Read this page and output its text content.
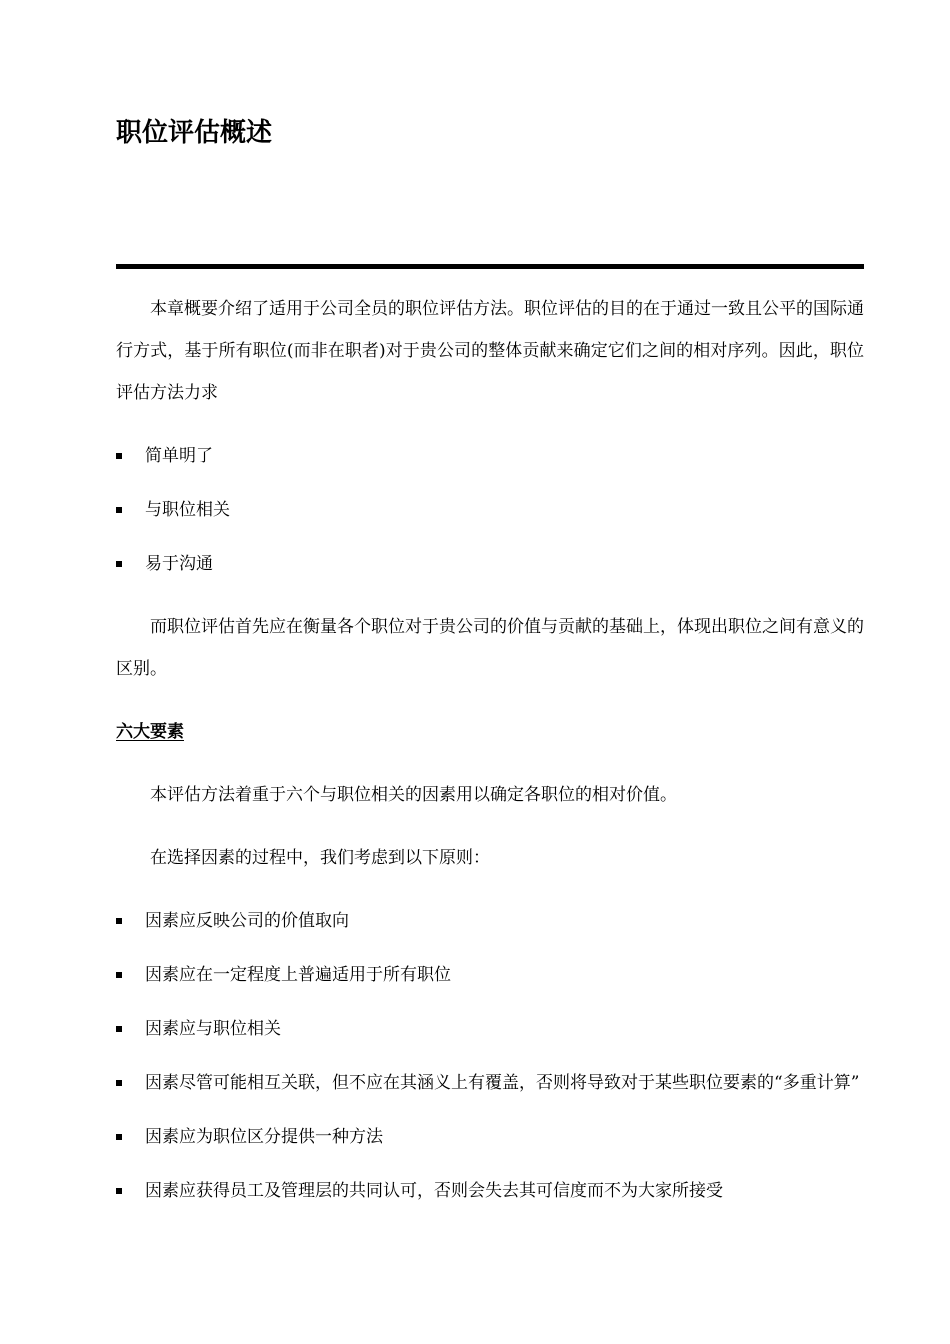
职位评估概述

本章概要介绍了适用于公司全员的职位评估方法。职位评估的目的在于通过一致且公平的国际通行方式，基于所有职位(而非在职者)对于贵公司的整体贡献来确定它们之间的相对序列。因此，职位评估方法力求

简单明了
与职位相关
易于沟通

而职位评估首先应在衡量各个职位对于贵公司的价值与贡献的基础上，体现出职位之间有意义的区别。

六大要素

本评估方法着重于六个与职位相关的因素用以确定各职位的相对价值。

在选择因素的过程中，我们考虑到以下原则：

因素应反映公司的价值取向
因素应在一定程度上普遍适用于所有职位
因素应与职位相关
因素尽管可能相互关联，但不应在其涵义上有覆盖，否则将导致对于某些职位要素的“多重计算”
因素应为职位区分提供一种方法
因素应获得员工及管理层的共同认可，否则会失去其可信度而不为大家所接受
